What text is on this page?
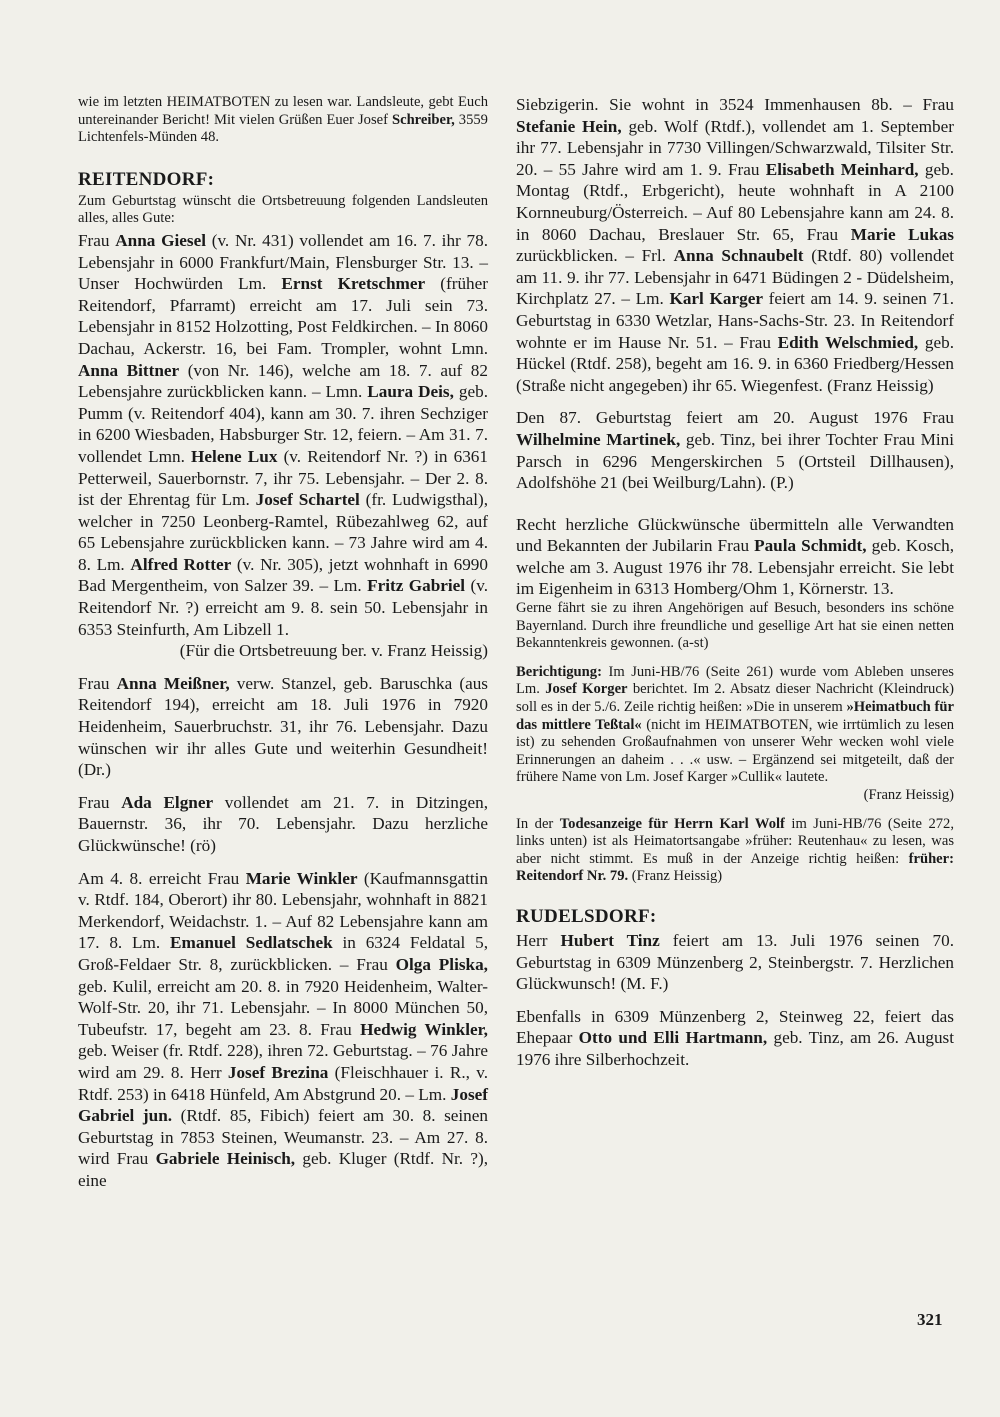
wie im letzten HEIMATBOTEN zu lesen war. Landsleute, gebt Euch untereinander Bericht! Mit vielen Grüßen Euer Josef Schreiber, 3559 Lichtenfels-Münden 48.

REITENDORF:

Zum Geburtstag wünscht die Ortsbetreuung folgenden Landsleuten alles, alles Gute:

Frau Anna Giesel (v. Nr. 431) vollendet am 16. 7. ihr 78. Lebensjahr in 6000 Frankfurt/Main, Flensburger Str. 13. – Unser Hochwürden Lm. Ernst Kretschmer (früher Reitendorf, Pfarramt) erreicht am 17. Juli sein 73. Lebensjahr in 8152 Holzotting, Post Feldkirchen. – In 8060 Dachau, Ackerstr. 16, bei Fam. Trompler, wohnt Lmn. Anna Bittner (von Nr. 146), welche am 18. 7. auf 82 Lebensjahre zurückblicken kann. – Lmn. Laura Deis, geb. Pumm (v. Reitendorf 404), kann am 30. 7. ihren Sechziger in 6200 Wiesbaden, Habsburger Str. 12, feiern. – Am 31. 7. vollendet Lmn. Helene Lux (v. Reitendorf Nr. ?) in 6361 Petterweil, Sauerbornstr. 7, ihr 75. Lebensjahr. – Der 2. 8. ist der Ehrentag für Lm. Josef Schartel (fr. Ludwigsthal), welcher in 7250 Leonberg-Ramtel, Rübezahlweg 62, auf 65 Lebensjahre zurückblicken kann. – 73 Jahre wird am 4. 8. Lm. Alfred Rotter (v. Nr. 305), jetzt wohnhaft in 6990 Bad Mergentheim, von Salzer 39. – Lm. Fritz Gabriel (v. Reitendorf Nr. ?) erreicht am 9. 8. sein 50. Lebensjahr in 6353 Steinfurth, Am Libzell 1.

(Für die Ortsbetreuung ber. v. Franz Heissig)

Frau Anna Meißner, verw. Stanzel, geb. Baruschka (aus Reitendorf 194), erreicht am 18. Juli 1976 in 7920 Heidenheim, Sauerbruchstr. 31, ihr 76. Lebensjahr. Dazu wünschen wir ihr alles Gute und weiterhin Gesundheit! (Dr.)

Frau Ada Elgner vollendet am 21. 7. in Ditzingen, Bauernstr. 36, ihr 70. Lebensjahr. Dazu herzliche Glückwünsche! (rö)

Am 4. 8. erreicht Frau Marie Winkler (Kaufmannsgattin v. Rtdf. 184, Oberort) ihr 80. Lebensjahr, wohnhaft in 8821 Merkendorf, Weidachstr. 1. – Auf 82 Lebensjahre kann am 17. 8. Lm. Emanuel Sedlatschek in 6324 Feldatal 5, Groß-Feldaer Str. 8, zurückblicken. – Frau Olga Pliska, geb. Kulil, erreicht am 20. 8. in 7920 Heidenheim, Walter-Wolf-Str. 20, ihr 71. Lebensjahr. – In 8000 München 50, Tubeufstr. 17, begeht am 23. 8. Frau Hedwig Winkler, geb. Weiser (fr. Rtdf. 228), ihren 72. Geburtstag. – 76 Jahre wird am 29. 8. Herr Josef Brezina (Fleischhauer i. R., v. Rtdf. 253) in 6418 Hünfeld, Am Abstgrund 20. – Lm. Josef Gabriel jun. (Rtdf. 85, Fibich) feiert am 30. 8. seinen Geburtstag in 7853 Steinen, Weumanstr. 23. – Am 27. 8. wird Frau Gabriele Heinisch, geb. Kluger (Rtdf. Nr. ?), eine

Siebzigerin. Sie wohnt in 3524 Immenhausen 8b. – Frau Stefanie Hein, geb. Wolf (Rtdf.), vollendet am 1. September ihr 77. Lebensjahr in 7730 Villingen/Schwarzwald, Tilsiter Str. 20. – 55 Jahre wird am 1. 9. Frau Elisabeth Meinhard, geb. Montag (Rtdf., Erbgericht), heute wohnhaft in A 2100 Kornneuburg/Österreich. – Auf 80 Lebensjahre kann am 24. 8. in 8060 Dachau, Breslauer Str. 65, Frau Marie Lukas zurückblicken. – Frl. Anna Schnaubelt (Rtdf. 80) vollendet am 11. 9. ihr 77. Lebensjahr in 6471 Büdingen 2 - Düdelsheim, Kirchplatz 27. – Lm. Karl Karger feiert am 14. 9. seinen 71. Geburtstag in 6330 Wetzlar, Hans-Sachs-Str. 23. In Reitendorf wohnte er im Hause Nr. 51. – Frau Edith Welschmied, geb. Hückel (Rtdf. 258), begeht am 16. 9. in 6360 Friedberg/Hessen (Straße nicht angegeben) ihr 65. Wiegenfest. (Franz Heissig)

Den 87. Geburtstag feiert am 20. August 1976 Frau Wilhelmine Martinek, geb. Tinz, bei ihrer Tochter Frau Mini Parsch in 6296 Mengerskirchen 5 (Ortsteil Dillhausen), Adolfshöhe 21 (bei Weilburg/Lahn). (P.)

Recht herzliche Glückwünsche übermitteln alle Verwandten und Bekannten der Jubilarin Frau Paula Schmidt, geb. Kosch, welche am 3. August 1976 ihr 78. Lebensjahr erreicht. Sie lebt im Eigenheim in 6313 Homberg/Ohm 1, Körnerstr. 13.

Gerne fährt sie zu ihren Angehörigen auf Besuch, besonders ins schöne Bayernland. Durch ihre freundliche und gesellige Art hat sie einen netten Bekanntenkreis gewonnen. (a-st)

Berichtigung: Im Juni-HB/76 (Seite 261) wurde vom Ableben unseres Lm. Josef Korger berichtet. Im 2. Absatz dieser Nachricht (Kleindruck) soll es in der 5./6. Zeile richtig heißen: »Die in unserem »Heimatbuch für das mittlere Teßtal« (nicht im HEIMATBOTEN, wie irrtümlich zu lesen ist) zu sehenden Großaufnahmen von unserer Wehr wecken wohl viele Erinnerungen an daheim . . .« usw. – Ergänzend sei mitgeteilt, daß der frühere Name von Lm. Josef Karger »Cullik« lautete.

(Franz Heissig)

In der Todesanzeige für Herrn Karl Wolf im Juni-HB/76 (Seite 272, links unten) ist als Heimatortsangabe »früher: Reutenhau« zu lesen, was aber nicht stimmt. Es muß in der Anzeige richtig heißen: früher: Reitendorf Nr. 79. (Franz Heissig)

RUDELSDORF:

Herr Hubert Tinz feiert am 13. Juli 1976 seinen 70. Geburtstag in 6309 Münzenberg 2, Steinbergstr. 7. Herzlichen Glückwunsch! (M. F.)

Ebenfalls in 6309 Münzenberg 2, Steinweg 22, feiert das Ehepaar Otto und Elli Hartmann, geb. Tinz, am 26. August 1976 ihre Silberhochzeit.

321
